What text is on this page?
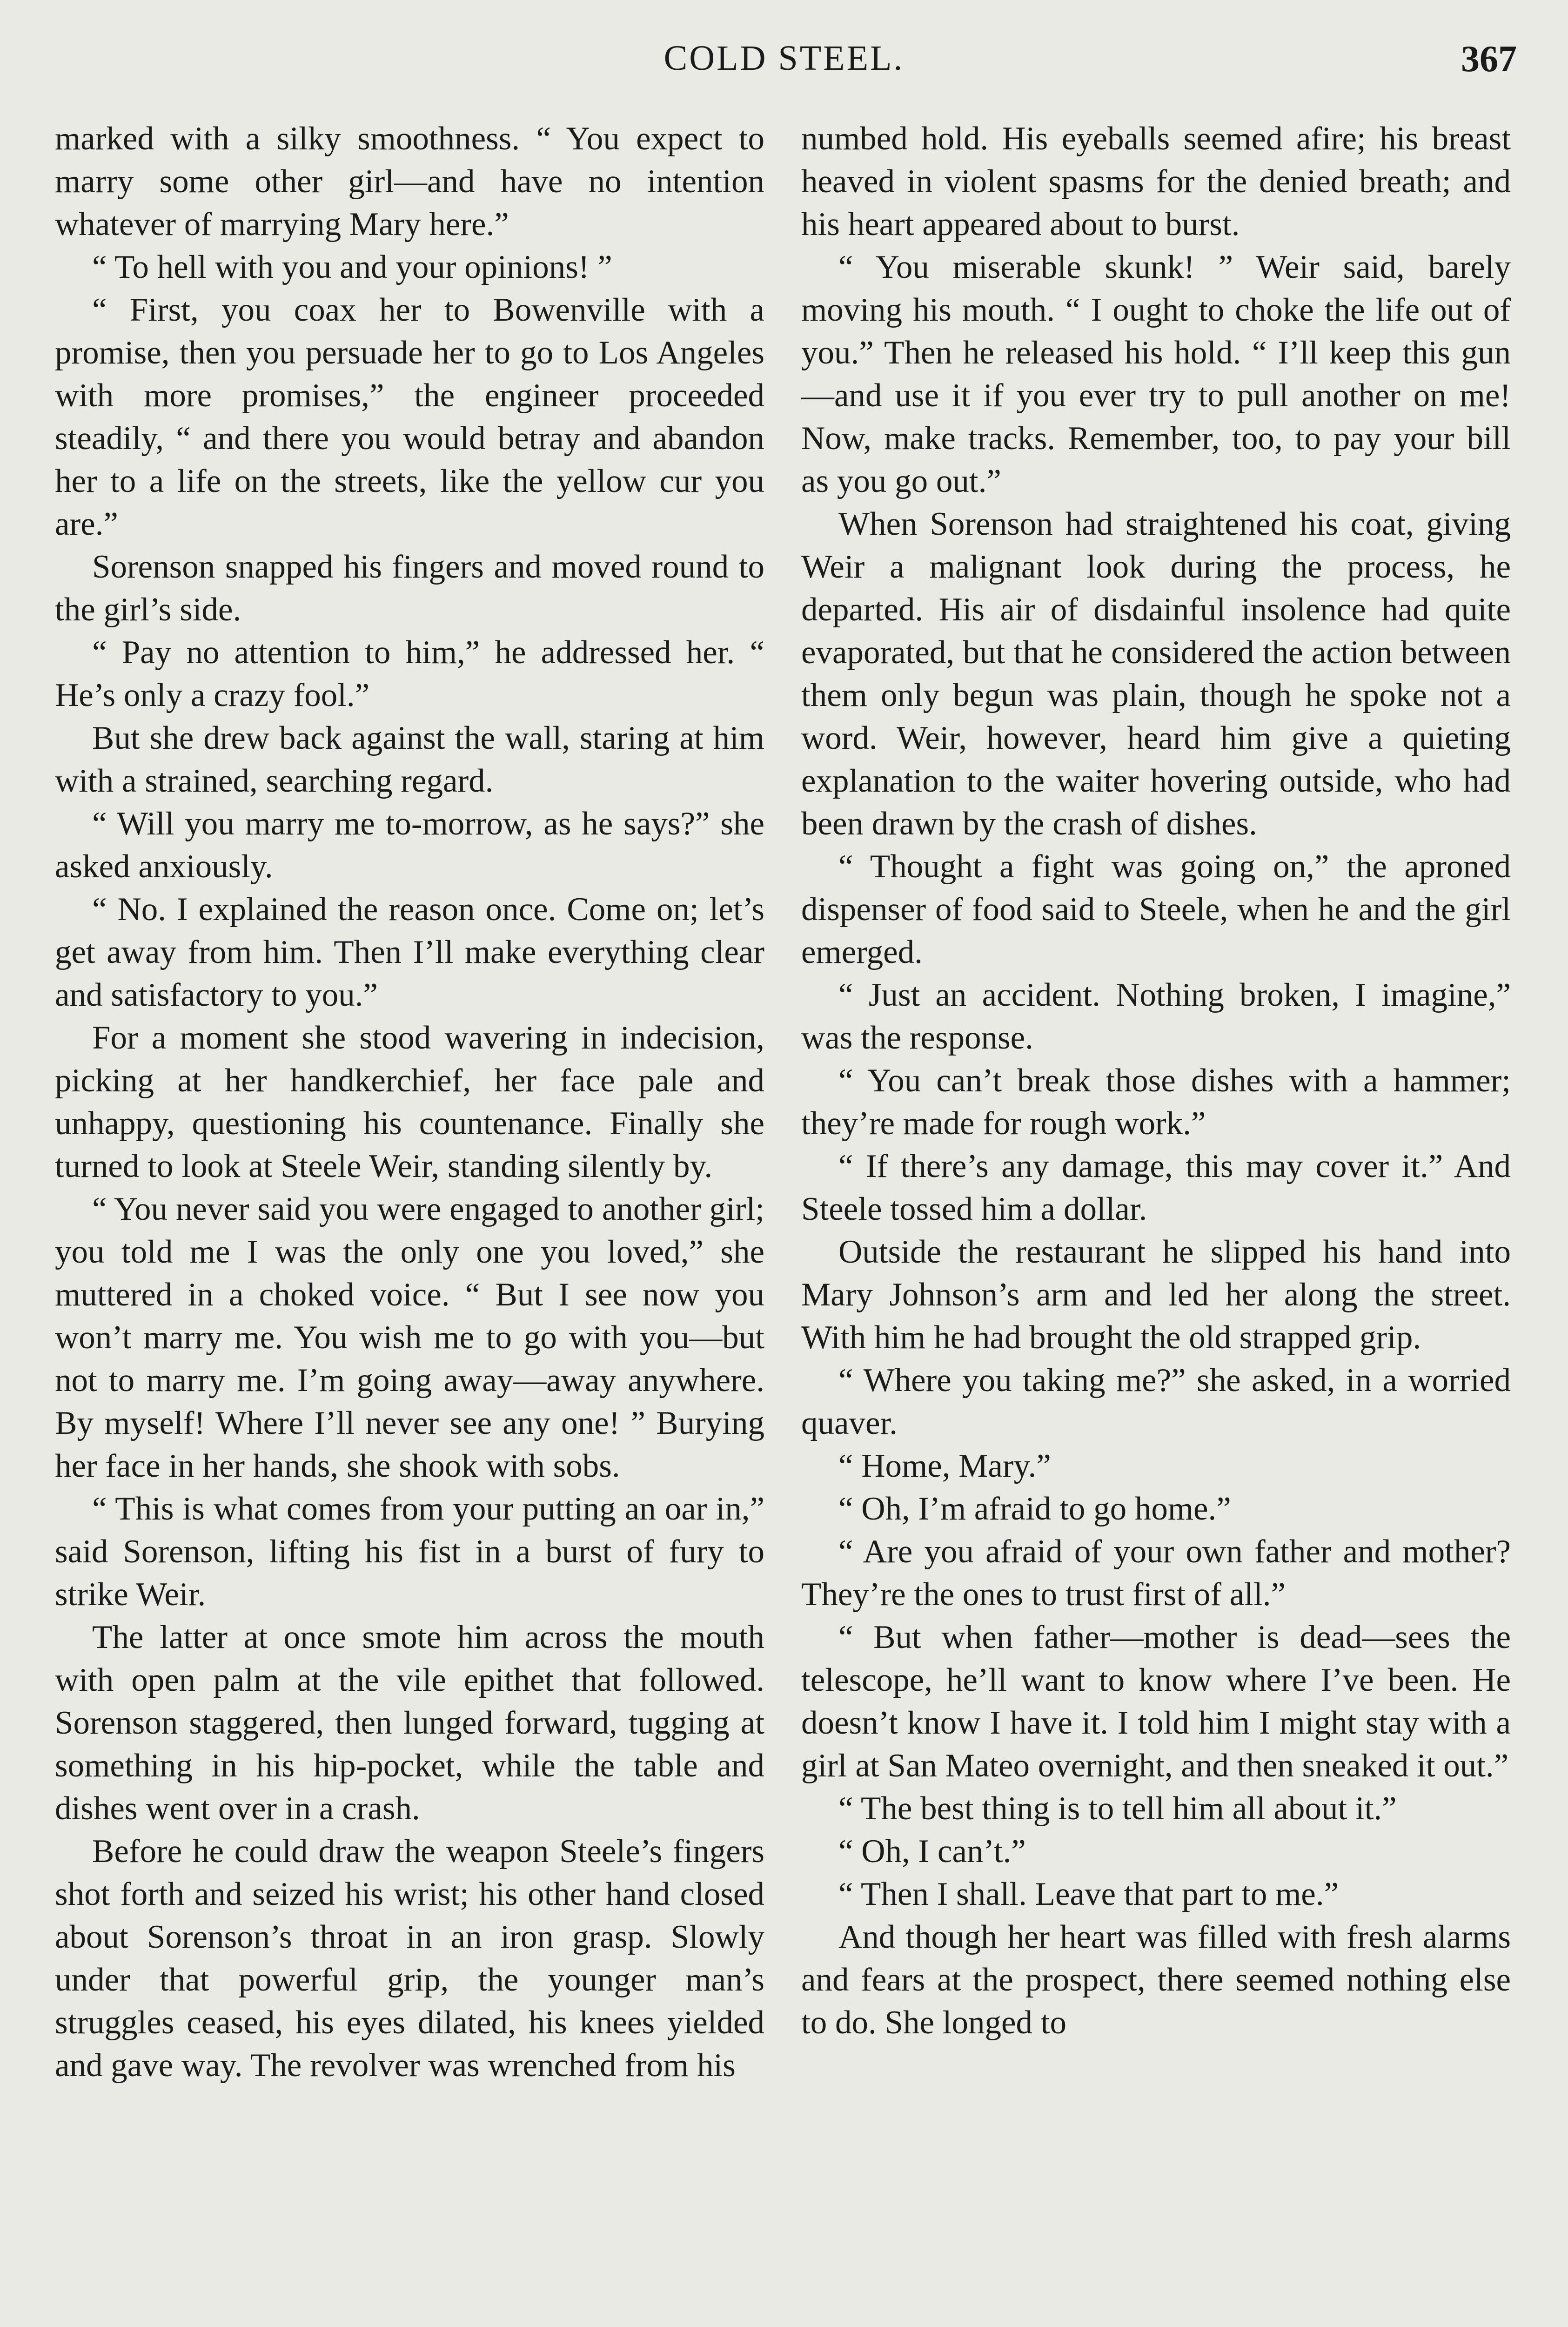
COLD STEEL.	367

marked with a silky smoothness. “ You expect to marry some other girl—and have no intention whatever of marrying Mary here.”

“ To hell with you and your opinions! ”

“ First, you coax her to Bowenville with a promise, then you persuade her to go to Los Angeles with more promises,” the engineer proceeded steadily, “ and there you would betray and abandon her to a life on the streets, like the yellow cur you are.”

Sorenson snapped his fingers and moved round to the girl’s side.

“ Pay no attention to him,” he addressed her. “ He’s only a crazy fool.”

But she drew back against the wall, staring at him with a strained, searching regard.

“ Will you marry me to-morrow, as he says?” she asked anxiously.

“ No. I explained the reason once. Come on; let’s get away from him. Then I’ll make everything clear and satisfactory to you.”

For a moment she stood wavering in indecision, picking at her handkerchief, her face pale and unhappy, questioning his countenance. Finally she turned to look at Steele Weir, standing silently by.

“ You never said you were engaged to another girl; you told me I was the only one you loved,” she muttered in a choked voice. “ But I see now you won’t marry me. You wish me to go with you—but not to marry me. I’m going away—away anywhere. By myself! Where I’ll never see any one! ” Burying her face in her hands, she shook with sobs.

“ This is what comes from your putting an oar in,” said Sorenson, lifting his fist in a burst of fury to strike Weir.

The latter at once smote him across the mouth with open palm at the vile epithet that followed. Sorenson staggered, then lunged forward, tugging at something in his hip-pocket, while the table and dishes went over in a crash.

Before he could draw the weapon Steele’s fingers shot forth and seized his wrist; his other hand closed about Sorenson’s throat in an iron grasp. Slowly under that powerful grip, the younger man’s struggles ceased, his eyes dilated, his knees yielded and gave way. The revolver was wrenched from his

numbed hold. His eyeballs seemed afire; his breast heaved in violent spasms for the denied breath; and his heart appeared about to burst.

“ You miserable skunk! ” Weir said, barely moving his mouth. “ I ought to choke the life out of you.” Then he released his hold. “ I’ll keep this gun—and use it if you ever try to pull another on me! Now, make tracks. Remember, too, to pay your bill as you go out.”

When Sorenson had straightened his coat, giving Weir a malignant look during the process, he departed. His air of disdainful insolence had quite evaporated, but that he considered the action between them only begun was plain, though he spoke not a word. Weir, however, heard him give a quieting explanation to the waiter hovering outside, who had been drawn by the crash of dishes.

“ Thought a fight was going on,” the aproned dispenser of food said to Steele, when he and the girl emerged.

“ Just an accident. Nothing broken, I imagine,” was the response.

“ You can’t break those dishes with a hammer; they’re made for rough work.”

“ If there’s any damage, this may cover it.” And Steele tossed him a dollar.

Outside the restaurant he slipped his hand into Mary Johnson’s arm and led her along the street. With him he had brought the old strapped grip.

“ Where you taking me?” she asked, in a worried quaver.

“ Home, Mary.”

“ Oh, I’m afraid to go home.”

“ Are you afraid of your own father and mother? They’re the ones to trust first of all.”

“ But when father—mother is dead—sees the telescope, he’ll want to know where I’ve been. He doesn’t know I have it. I told him I might stay with a girl at San Mateo overnight, and then sneaked it out.”

“ The best thing is to tell him all about it.”

“ Oh, I can’t.”

“ Then I shall. Leave that part to me.”

And though her heart was filled with fresh alarms and fears at the prospect, there seemed nothing else to do. She longed to
